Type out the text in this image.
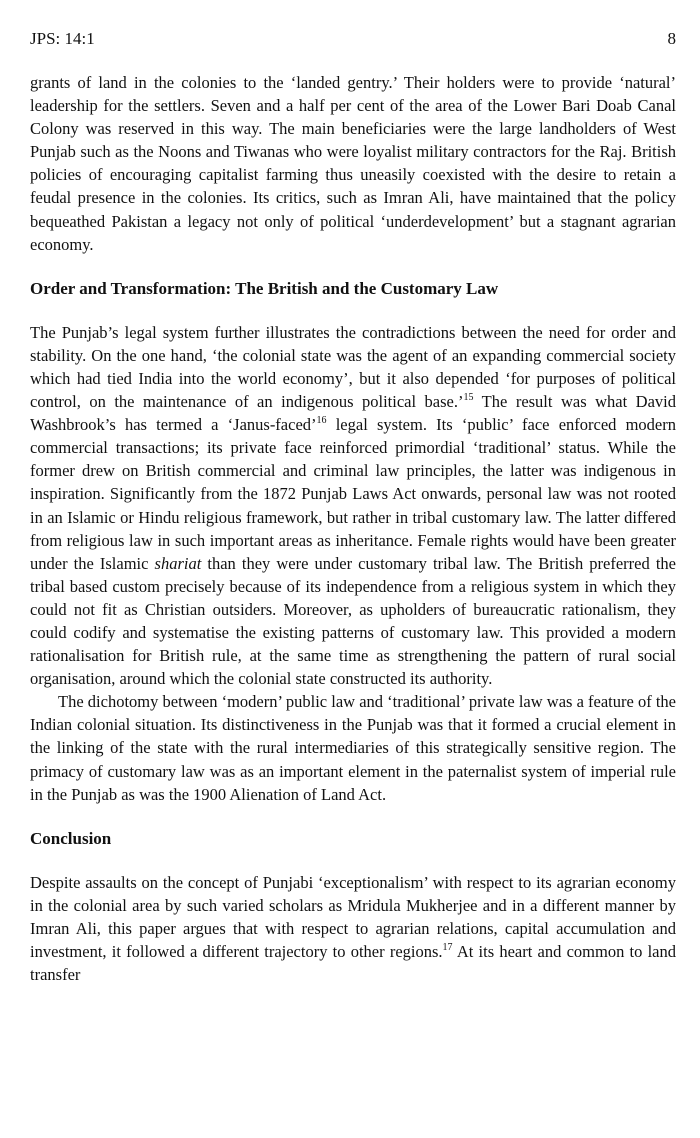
JPS: 14:1	8

grants of land in the colonies to the ‘landed gentry.’ Their holders were to provide ‘natural’ leadership for the settlers. Seven and a half per cent of the area of the Lower Bari Doab Canal Colony was reserved in this way. The main beneficiaries were the large landholders of West Punjab such as the Noons and Tiwanas who were loyalist military contractors for the Raj. British policies of encouraging capitalist farming thus uneasily coexisted with the desire to retain a feudal presence in the colonies. Its critics, such as Imran Ali, have maintained that the policy bequeathed Pakistan a legacy not only of political ‘underdevelopment’ but a stagnant agrarian economy.

Order and Transformation: The British and the Customary Law

The Punjab’s legal system further illustrates the contradictions between the need for order and stability. On the one hand, ‘the colonial state was the agent of an expanding commercial society which had tied India into the world economy’, but it also depended ‘for purposes of political control, on the maintenance of an indigenous political base.’$^{15}$ The result was what David Washbrook’s has termed a ‘Janus-faced’$^{16}$ legal system. Its ‘public’ face enforced modern commercial transactions; its private face reinforced primordial ‘traditional’ status. While the former drew on British commercial and criminal law principles, the latter was indigenous in inspiration. Significantly from the 1872 Punjab Laws Act onwards, personal law was not rooted in an Islamic or Hindu religious framework, but rather in tribal customary law. The latter differed from religious law in such important areas as inheritance. Female rights would have been greater under the Islamic shariat than they were under customary tribal law. The British preferred the tribal based custom precisely because of its independence from a religious system in which they could not fit as Christian outsiders. Moreover, as upholders of bureaucratic rationalism, they could codify and systematise the existing patterns of customary law. This provided a modern rationalisation for British rule, at the same time as strengthening the pattern of rural social organisation, around which the colonial state constructed its authority.

The dichotomy between ‘modern’ public law and ‘traditional’ private law was a feature of the Indian colonial situation. Its distinctiveness in the Punjab was that it formed a crucial element in the linking of the state with the rural intermediaries of this strategically sensitive region. The primacy of customary law was as an important element in the paternalist system of imperial rule in the Punjab as was the 1900 Alienation of Land Act.

Conclusion

Despite assaults on the concept of Punjabi ‘exceptionalism’ with respect to its agrarian economy in the colonial area by such varied scholars as Mridula Mukherjee and in a different manner by Imran Ali, this paper argues that with respect to agrarian relations, capital accumulation and investment, it followed a different trajectory to other regions.$^{17}$ At its heart and common to land transfer
